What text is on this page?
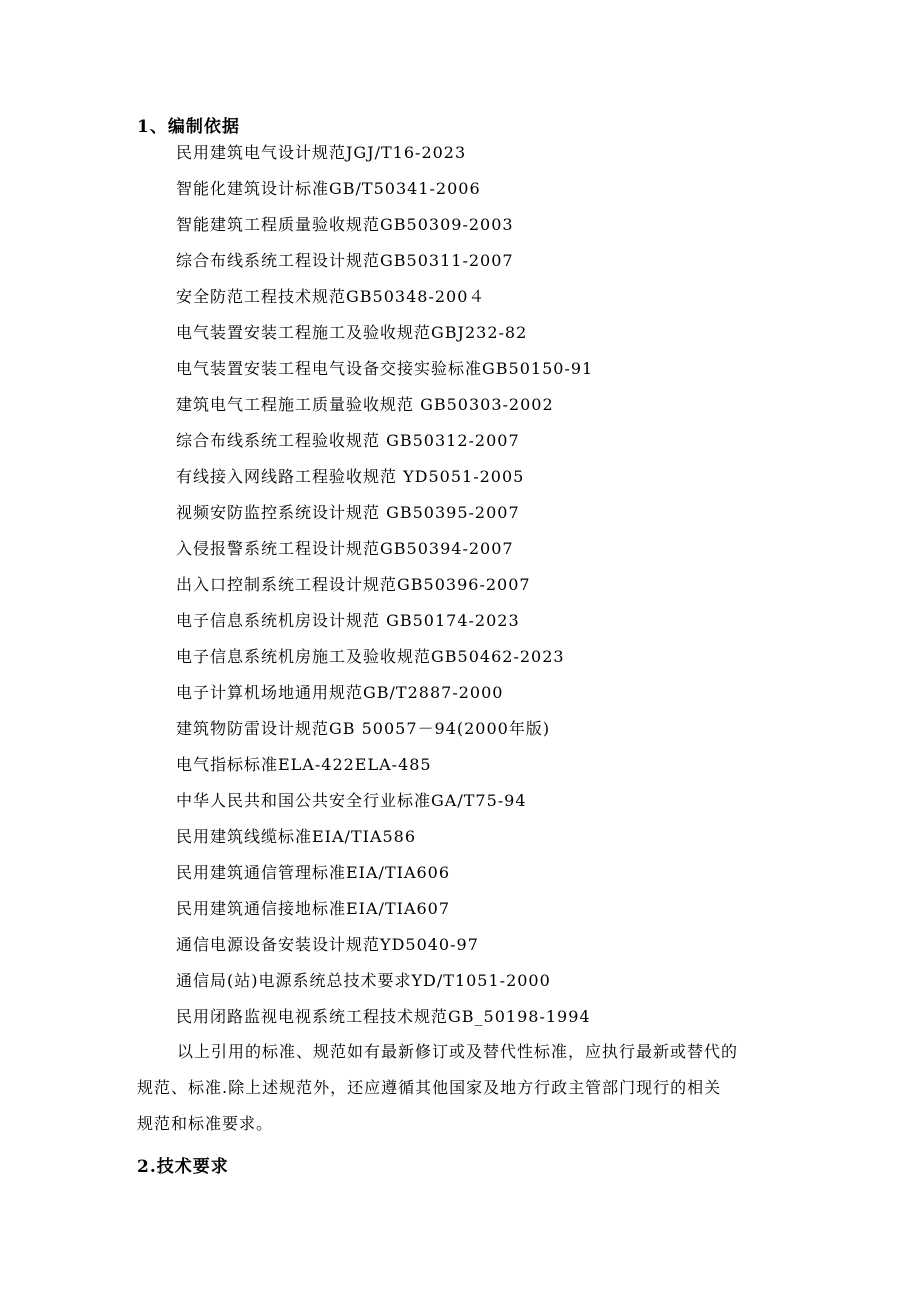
1、编制依据
民用建筑电气设计规范JGJ/T16-2023
智能化建筑设计标准GB/T50341-2006
智能建筑工程质量验收规范GB50309-2003
综合布线系统工程设计规范GB50311-2007
安全防范工程技术规范GB50348-200４
电气装置安装工程施工及验收规范GBJ232-82
电气装置安装工程电气设备交接实验标准GB50150-91
建筑电气工程施工质量验收规范 GB50303-2002
综合布线系统工程验收规范 GB50312-2007
有线接入网线路工程验收规范 YD5051-2005
视频安防监控系统设计规范 GB50395-2007
入侵报警系统工程设计规范GB50394-2007
出入口控制系统工程设计规范GB50396-2007
电子信息系统机房设计规范 GB50174-2023
电子信息系统机房施工及验收规范GB50462-2023
电子计算机场地通用规范GB/T2887-2000
建筑物防雷设计规范GB 50057－94(2000年版)
电气指标标准ELA-422ELA-485
中华人民共和国公共安全行业标准GA/T75-94
民用建筑线缆标准EIA/TIA586
民用建筑通信管理标准EIA/TIA606
民用建筑通信接地标准EIA/TIA607
通信电源设备安装设计规范YD5040-97
通信局(站)电源系统总技术要求YD/T1051-2000
民用闭路监视电视系统工程技术规范GB_50198-1994

以上引用的标准、规范如有最新修订或及替代性标准，应执行最新或替代的
规范、标准.除上述规范外，还应遵循其他国家及地方行政主管部门现行的相关
规范和标准要求。

2.技术要求
